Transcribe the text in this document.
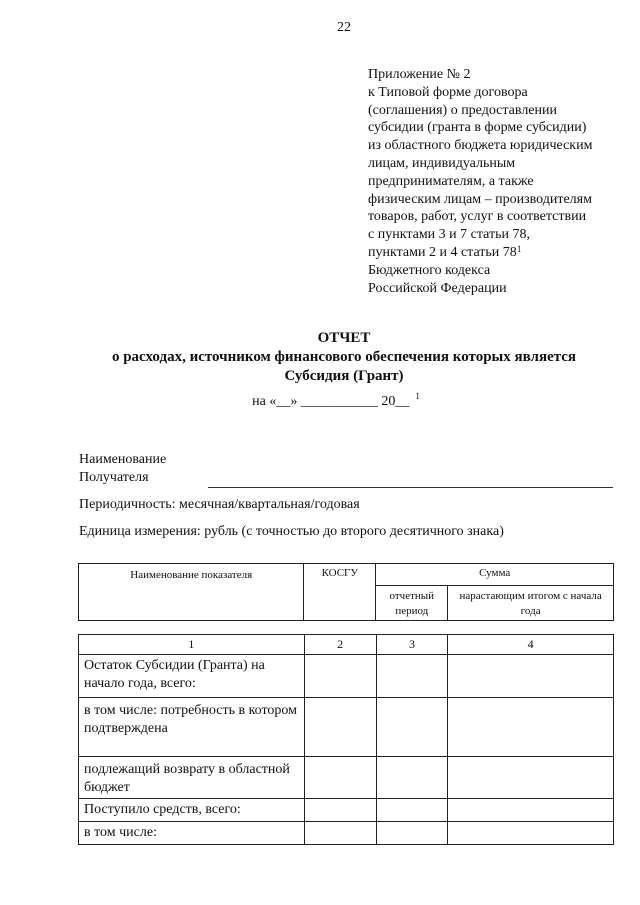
22
Приложение № 2
к Типовой форме договора
(соглашения) о предоставлении
субсидии (гранта в форме субсидии)
из областного бюджета юридическим
лицам, индивидуальным
предпринимателям, а также
физическим лицам – производителям
товаров, работ, услуг в соответствии
с пунктами 3 и 7 статьи 78,
пунктами 2 и 4 статьи $78^1$
Бюджетного кодекса
Российской Федерации
ОТЧЕТ
о расходах, источником финансового обеспечения которых является
Субсидия (Грант)
на «__» ___________ 20__ $^1$
Наименование
Получателя
Периодичность: месячная/квартальная/годовая
Единица измерения: рубль (с точностью до второго десятичного знака)
Наименование показателя	КОСГУ	Сумма	
		отчетный период	нарастающим итогом с начала года
1	2	3	4
Остаток Субсидии (Гранта) на начало года, всего:			
в том числе: потребность в котором подтверждена			
подлежащий возврату в областной бюджет			
Поступило средств, всего:			
в том числе:			
